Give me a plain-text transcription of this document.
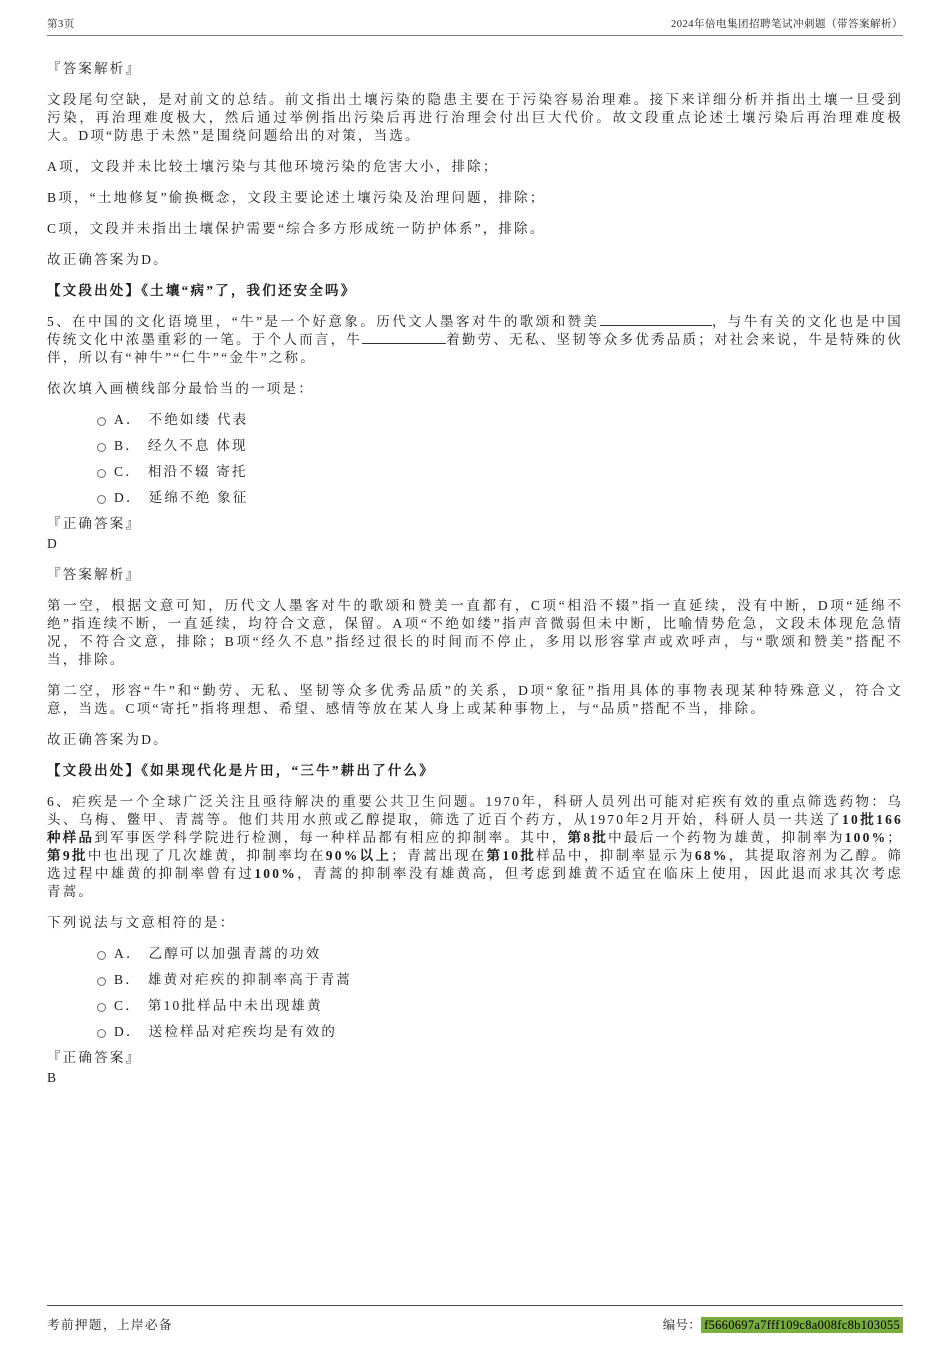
第3页	2024年倍电集团招聘笔试冲刺题（带答案解析）

『答案解析』

文段尾句空缺，是对前文的总结。前文指出土壤污染的隐患主要在于污染容易治理难。接下来详细分析并指出土壤一旦受到污染，再治理难度极大，然后通过举例指出污染后再进行治理会付出巨大代价。故文段重点论述土壤污染后再治理难度极大。D项“防患于未然”是围绕问题给出的对策，当选。

A项，文段并未比较土壤污染与其他环境污染的危害大小，排除；

B项，“土地修复”偷换概念，文段主要论述土壤污染及治理问题，排除；

C项，文段并未指出土壤保护需要“综合多方形成统一防护体系”，排除。

故正确答案为D。

【文段出处】《土壤“病”了，我们还安全吗》

5、在中国的文化语境里，“牛”是一个好意象。历代文人墨客对牛的歌颂和赞美	，与牛有关的文化也是中国传统文化中浓墨重彩的一笔。于个人而言，牛	着勤劳、无私、坚韧等众多优秀品质；对社会来说，牛是特殊的伙伴，所以有“神牛”“仁牛”“金牛”之称。

依次填入画横线部分最恰当的一项是：

A． 不绝如缕 代表
B． 经久不息 体现
C． 相沿不辍 寄托
D． 延绵不绝 象征

『正确答案』

D

『答案解析』

第一空，根据文意可知，历代文人墨客对牛的歌颂和赞美一直都有，C项“相沿不辍”指一直延续，没有中断，D项“延绵不绝”指连续不断，一直延续，均符合文意，保留。A项“不绝如缕”指声音微弱但未中断，比喻情势危急，文段未体现危急情况，不符合文意，排除；B项“经久不息”指经过很长的时间而不停止，多用以形容掌声或欢呼声，与“歌颂和赞美”搭配不当，排除。

第二空，形容“牛”和“勤劳、无私、坚韧等众多优秀品质”的关系，D项“象征”指用具体的事物表现某种特殊意义，符合文意，当选。C项“寄托”指将理想、希望、感情等放在某人身上或某种事物上，与“品质”搭配不当，排除。

故正确答案为D。

【文段出处】《如果现代化是片田，“三牛”耕出了什么》

6、疟疾是一个全球广泛关注且亟待解决的重要公共卫生问题。1970年，科研人员列出可能对疟疾有效的重点筛选药物：乌头、乌梅、鳖甲、青蒿等。他们共用水煎或乙醇提取，筛选了近百个药方，从1970年2月开始，科研人员一共送了10批166种样品到军事医学科学院进行检测，每一种样品都有相应的抑制率。其中，第8批中最后一个药物为雄黄，抑制率为100%；第9批中也出现了几次雄黄，抑制率均在90%以上；青蒿出现在第10批样品中，抑制率显示为68%，其提取溶剂为乙醇。筛选过程中雄黄的抑制率曾有过100%，青蒿的抑制率没有雄黄高，但考虑到雄黄不适宜在临床上使用，因此退而求其次考虑青蒿。

下列说法与文意相符的是：

A． 乙醇可以加强青蒿的功效
B． 雄黄对疟疾的抑制率高于青蒿
C． 第10批样品中未出现雄黄
D． 送检样品对疟疾均是有效的

『正确答案』

B

考前押题，上岸必备	编号： f5660697a7fff109c8a008fc8b103055
